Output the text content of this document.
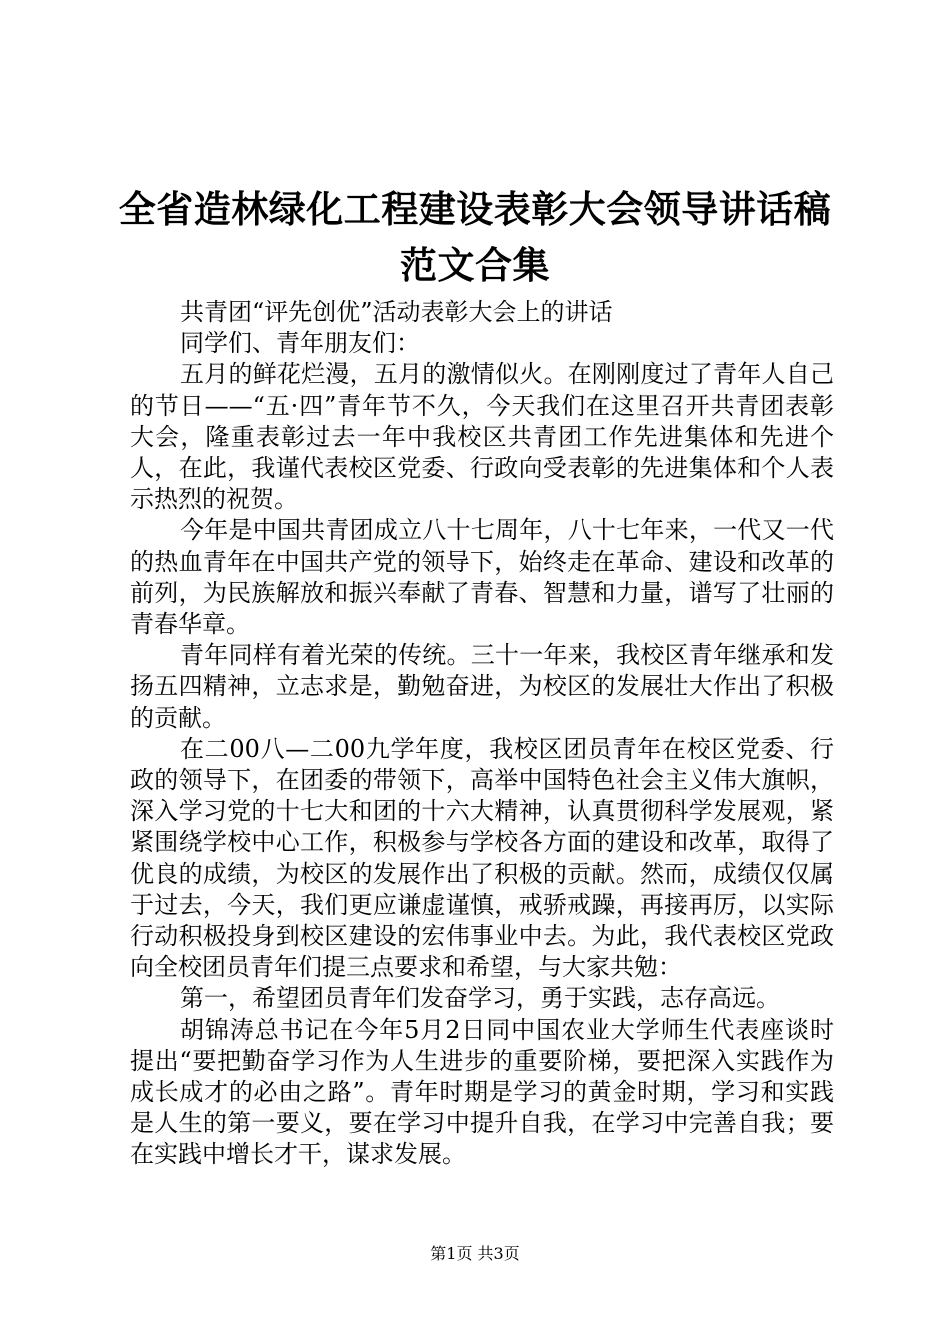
全省造林绿化工程建设表彰大会领导讲话稿范文合集

共青团“评先创优”活动表彰大会上的讲话

同学们、青年朋友们：

五月的鲜花烂漫，五月的激情似火。在刚刚度过了青年人自己的节日——“五·四”青年节不久，今天我们在这里召开共青团表彰大会，隆重表彰过去一年中我校区共青团工作先进集体和先进个人，在此，我谨代表校区党委、行政向受表彰的先进集体和个人表示热烈的祝贺。

今年是中国共青团成立八十七周年，八十七年来，一代又一代的热血青年在中国共产党的领导下，始终走在革命、建设和改革的前列，为民族解放和振兴奉献了青春、智慧和力量，谱写了壮丽的青春华章。

青年同样有着光荣的传统。三十一年来，我校区青年继承和发扬五四精神，立志求是，勤勉奋进，为校区的发展壮大作出了积极的贡献。

在二00八—二00九学年度，我校区团员青年在校区党委、行政的领导下，在团委的带领下，高举中国特色社会主义伟大旗帜，深入学习党的十七大和团的十六大精神，认真贯彻科学发展观，紧紧围绕学校中心工作，积极参与学校各方面的建设和改革，取得了优良的成绩，为校区的发展作出了积极的贡献。然而，成绩仅仅属于过去，今天，我们更应谦虚谨慎，戒骄戒躁，再接再厉，以实际行动积极投身到校区建设的宏伟事业中去。为此，我代表校区党政向全校团员青年们提三点要求和希望，与大家共勉：

第一，希望团员青年们发奋学习，勇于实践，志存高远。

胡锦涛总书记在今年5月2日同中国农业大学师生代表座谈时提出“要把勤奋学习作为人生进步的重要阶梯，要把深入实践作为成长成才的必由之路”。青年时期是学习的黄金时期，学习和实践是人生的第一要义，要在学习中提升自我，在学习中完善自我；要在实践中增长才干，谋求发展。

第1页 共3页
